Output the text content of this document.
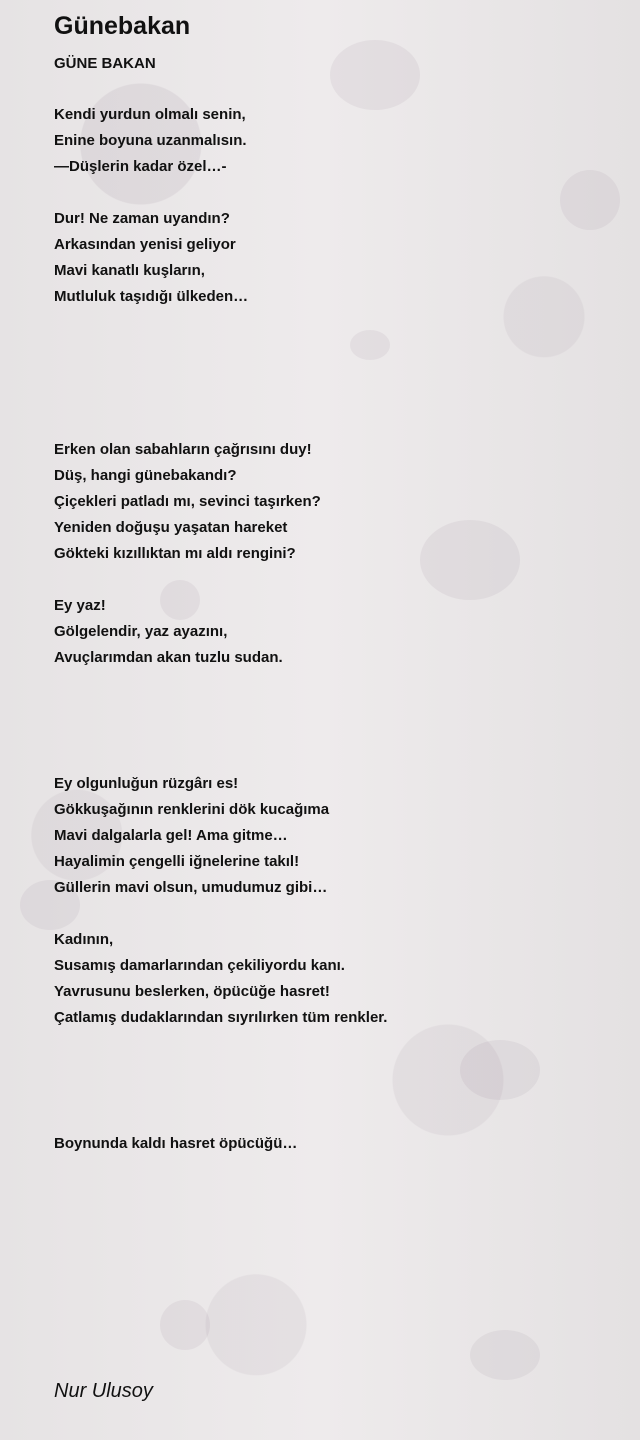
Günebakan
GÜNE BAKAN
Kendi yurdun olmalı senin,
Enine boyuna uzanmalısın.
—Düşlerin kadar özel…-
Dur! Ne zaman uyandın?
Arkasından yenisi geliyor
Mavi kanatlı kuşların,
Mutluluk taşıdığı ülkeden…
Erken olan sabahların çağrısını duy!
Düş, hangi günebakandı?
Çiçekleri patladı mı, sevinci taşırken?
Yeniden doğuşu yaşatan hareket
Gökteki kızıllıktan mı aldı rengini?
Ey yaz!
Gölgelendir, yaz ayazını,
Avuçlarımdan akan tuzlu sudan.
Ey olgunluğun rüzgârı es!
Gökkuşağının renklerini dök kucağıma
Mavi dalgalarla gel! Ama gitme…
Hayalimin çengelli iğnelerine takıl!
Güllerin mavi olsun, umudumuz gibi…
Kadının,
Susamış damarlarından çekiliyordu kanı.
Yavrusunu beslerken, öpücüğe hasret!
Çatlamış dudaklarından sıyrılırken tüm renkler.
Boynunda kaldı hasret öpücüğü…

Nur Ulusoy
